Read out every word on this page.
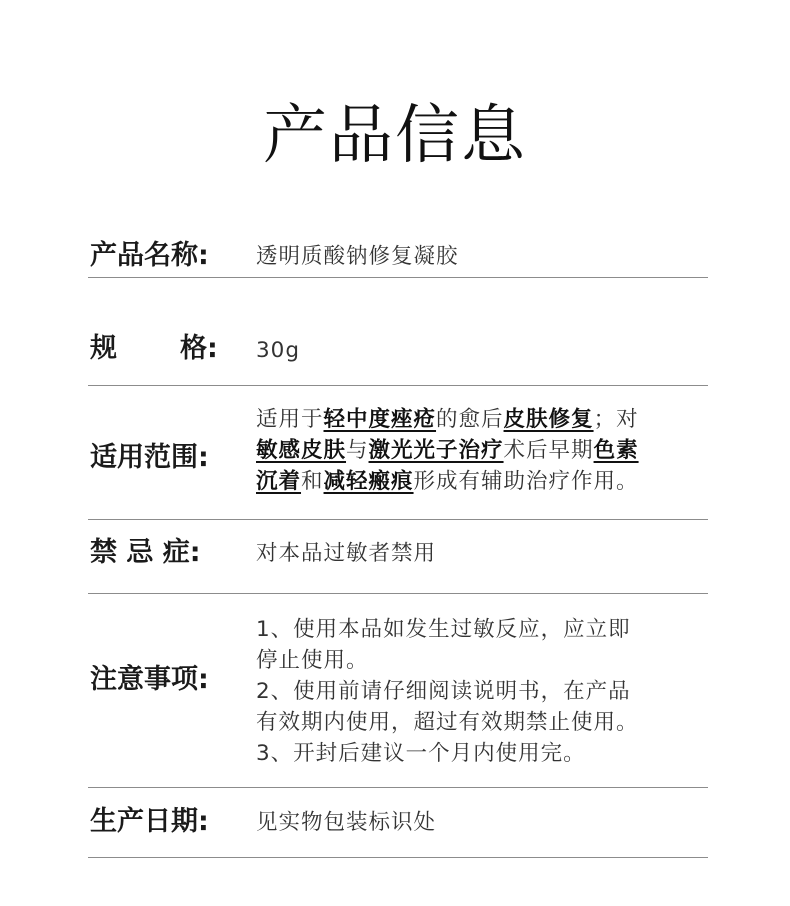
产品信息
产品名称: 透明质酸钠修复凝胶
规 格: 30g
适用范围:
适用于轻中度痤疮的愈后皮肤修复；对
敏感皮肤与激光光子治疗术后早期色素
沉着和减轻瘢痕形成有辅助治疗作用。
禁 忌 症:	对本品过敏者禁用
注意事项:
1、使用本品如发生过敏反应，应立即
停止使用。
2、使用前请仔细阅读说明书，在产品
有效期内使用，超过有效期禁止使用。
3、开封后建议一个月内使用完。
生产日期: 见实物包装标识处
